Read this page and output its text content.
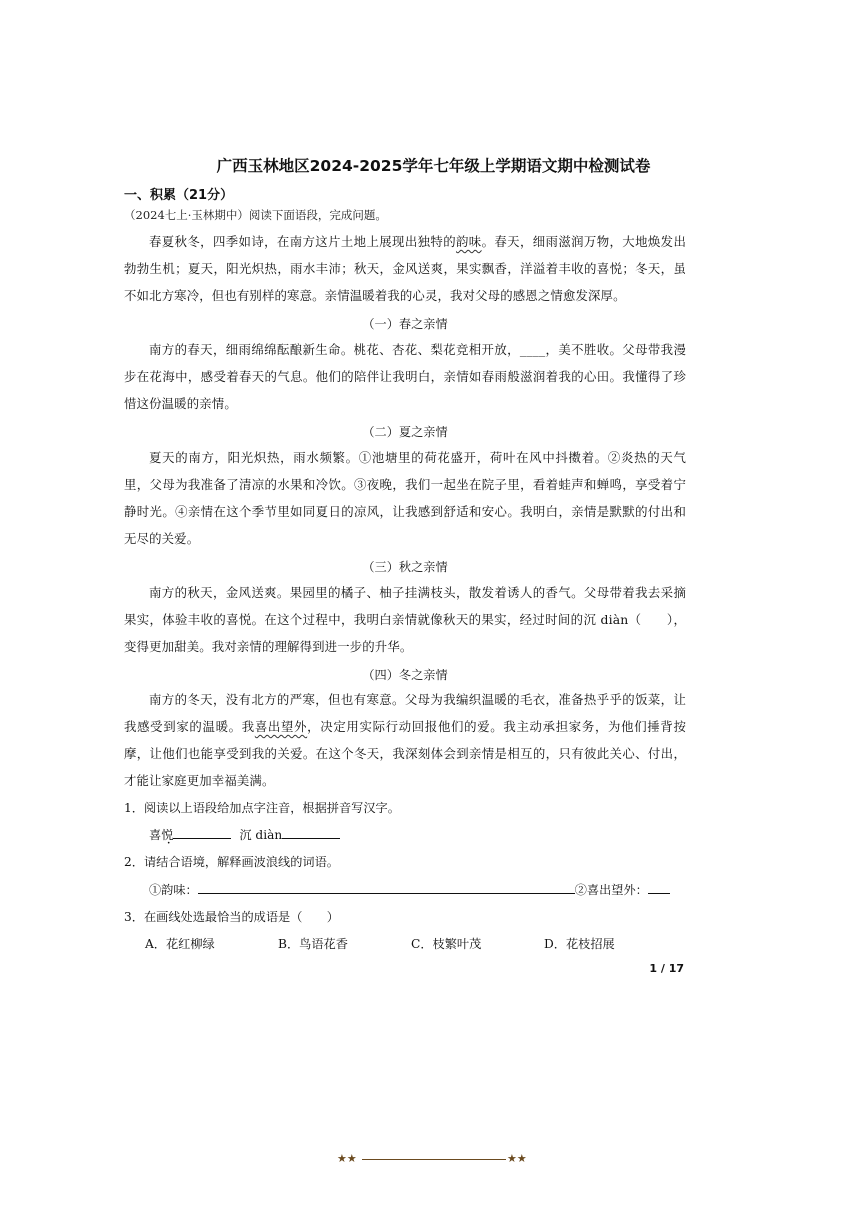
广西玉林地区2024-2025学年七年级上学期语文期中检测试卷
一、积累（21分）
（2024七上·玉林期中）阅读下面语段，完成问题。

春夏秋冬，四季如诗，在南方这片土地上展现出独特的韵味。春天，细雨滋润万物，大地焕发出勃勃生机；夏天，阳光炽热，雨水丰沛；秋天，金风送爽，果实飘香，洋溢着丰收的喜悦 ·；冬天，虽不如北方寒冷，但也有别样的寒意。亲情温暖着我的心灵，我对父母的感恩之情愈发深厚。

（一）春之亲情

南方的春天，细雨绵绵酝酿新生命。桃花、杏花、梨花竞相开放，____，美不胜收。父母带我漫步在花海中，感受着春天的气息。他们的陪伴让我明白，亲情如春雨般滋润着我的心田。我懂得了珍惜这份温暖的亲情。

（二）夏之亲情

夏天的南方，阳光炽热，雨水频繁。①池塘里的荷花盛开，荷叶在风中抖擞着。②炎热的天气里，父母为我准备了清凉的水果和冷饮。③夜晚，我们一起坐在院子里，看着蛙声和蝉鸣，享受着宁静时光。④亲情在这个季节里如同夏日的凉风，让我感到舒适和安心。我明白，亲情是默默的付出和无尽的关爱。

（三）秋之亲情

南方的秋天，金风送爽。果园里的橘子、柚子挂满枝头，散发着诱人的香气。父母带着我去采摘果实，体验丰收的喜悦。在这个过程中，我明白亲情就像秋天的果实，经过时间的沉 diàn（　　），变得更加甜美。我对亲情的理解得到进一步的升华。

（四）冬之亲情

南方的冬天，没有北方的严寒，但也有寒意。父母为我编织温暖的毛衣，准备热乎乎的饭菜，让我感受到家的温暖。我喜出望外，决定用实际行动回报他们的爱。我主动承担家务，为他们捶背按摩，让他们也能享受到我的关爱。在这个冬天，我深刻体会到亲情是相互的，只有彼此关心、付出，才能让家庭更加幸福美满。

1．阅读以上语段给加点字注音，根据拼音写汉字。
喜悦	沉 diàn
2．请结合语境，解释画波浪线的词语。
①韵味：	②喜出望外：
3．在画线处选最恰当的成语是（　　）
A．花红柳绿	B．鸟语花香	C．枝繁叶茂	D．花枝招展
1 / 17
★★	★★
